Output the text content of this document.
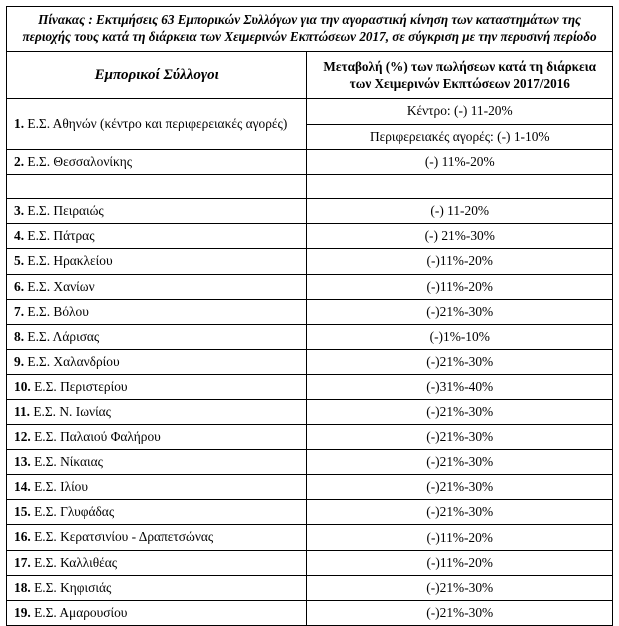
Πίνακας : Εκτιμήσεις 63 Εμπορικών Συλλόγων για την αγοραστική κίνηση των καταστημάτων της περιοχής τους κατά τη διάρκεια των Χειμερινών Εκπτώσεων 2017, σε σύγκριση με την περυσινή περίοδο	
Εμπορικοί Σύλλογοι	Μεταβολή (%) των πωλήσεων κατά τη διάρκεια των Χειμερινών Εκπτώσεων 2017/2016
1. Ε.Σ. Αθηνών (κέντρο και περιφερειακές αγορές)	Κέντρο: (-) 11-20%
	Περιφερειακές αγορές: (-) 1-10%
2. Ε.Σ. Θεσσαλονίκης	(-) 11%-20%

3. Ε.Σ. Πειραιώς	(-) 11-20%
4. Ε.Σ. Πάτρας	(-) 21%-30%
5. Ε.Σ. Ηρακλείου	(-)11%-20%
6. Ε.Σ. Χανίων	(-)11%-20%
7. Ε.Σ. Βόλου	(-)21%-30%
8. Ε.Σ. Λάρισας	(-)1%-10%
9. Ε.Σ. Χαλανδρίου	(-)21%-30%
10. Ε.Σ. Περιστερίου	(-)31%-40%
11. Ε.Σ. Ν. Ιωνίας	(-)21%-30%
12. Ε.Σ. Παλαιού Φαλήρου	(-)21%-30%
13. Ε.Σ. Νίκαιας	(-)21%-30%
14. Ε.Σ. Ιλίου	(-)21%-30%
15. Ε.Σ. Γλυφάδας	(-)21%-30%
16. Ε.Σ. Κερατσινίου - Δραπετσώνας	(-)11%-20%
17. Ε.Σ. Καλλιθέας	(-)11%-20%
18. Ε.Σ. Κηφισιάς	(-)21%-30%
19. Ε.Σ. Αμαρουσίου	(-)21%-30%
